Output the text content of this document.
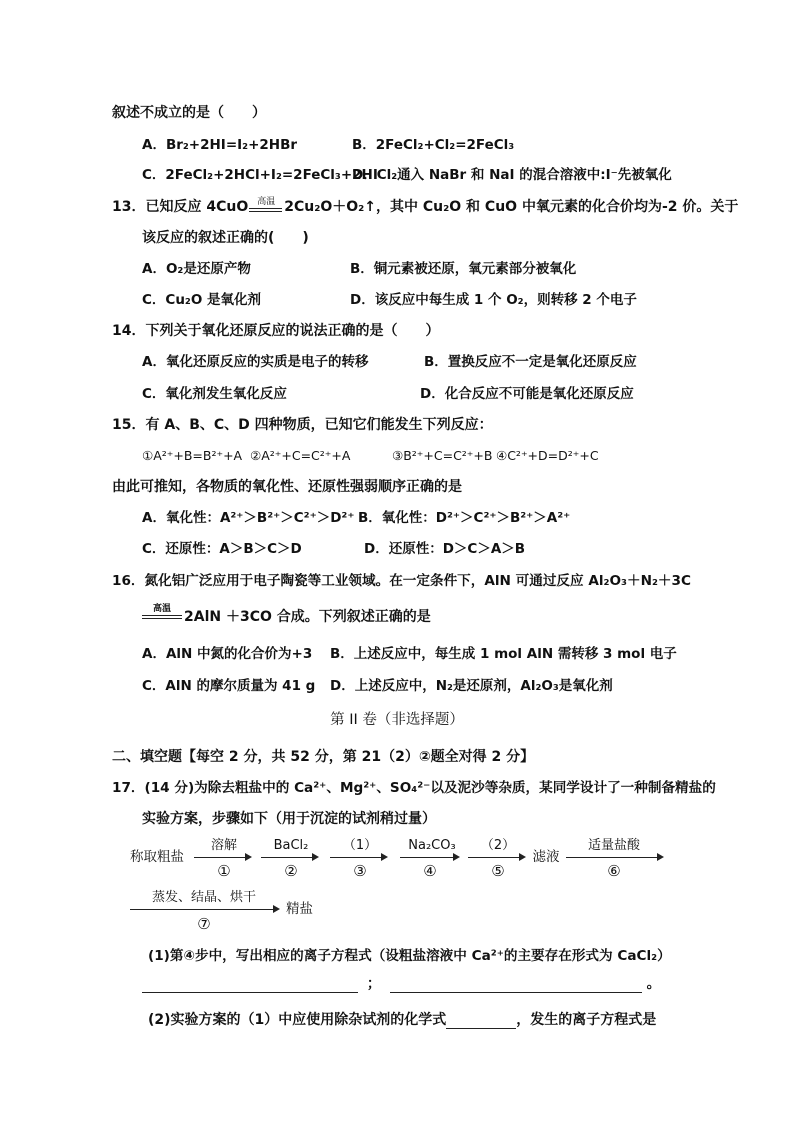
叙述不成立的是（　　）
A．Br₂+2HI=I₂+2HBr	B．2FeCl₂+Cl₂=2FeCl₃
C．2FeCl₂+2HCl+I₂=2FeCl₃+2HI
D．Cl₂通入 NaBr 和 NaI 的混合溶液中:I⁻先被氧化
13．已知反应 4CuO 高温 2Cu₂O＋O₂↑，其中 Cu₂O 和 CuO 中氧元素的化合价均为-2 价。关于
该反应的叙述正确的(　　)
A．O₂是还原产物	B．铜元素被还原，氧元素部分被氧化
C．Cu₂O 是氧化剂	D．该反应中每生成 1 个 O₂，则转移 2 个电子
14．下列关于氧化还原反应的说法正确的是（　　）
A．氧化还原反应的实质是电子的转移	B．置换反应不一定是氧化还原反应
C．氧化剂发生氧化反应	D．化合反应不可能是氧化还原反应
15．有 A、B、C、D 四种物质，已知它们能发生下列反应：
①A²⁺+B=B²⁺+A ②A²⁺+C=C²⁺+A	③B²⁺+C=C²⁺+B ④C²⁺+D=D²⁺+C
由此可推知，各物质的氧化性、还原性强弱顺序正确的是
A．氧化性：A²⁺＞B²⁺＞C²⁺＞D²⁺ B．氧化性：D²⁺＞C²⁺＞B²⁺＞A²⁺
C．还原性：A＞B＞C＞D	D．还原性：D＞C＞A＞B
16．氮化铝广泛应用于电子陶瓷等工业领域。在一定条件下，AlN 可通过反应 Al₂O₃＋N₂＋3C
高温 2AlN ＋3CO 合成。下列叙述正确的是
A．AlN 中氮的化合价为+3 B．上述反应中，每生成 1 mol AlN 需转移 3 mol 电子
C．AlN 的摩尔质量为 41 g D．上述反应中，N₂是还原剂，Al₂O₃是氧化剂
第 II 卷（非选择题）
二、填空题【每空 2 分，共 52 分，第 21（2）②题全对得 2 分】
17．(14 分)为除去粗盐中的 Ca²⁺、Mg²⁺、SO₄²⁻以及泥沙等杂质，某同学设计了一种制备精盐的
实验方案，步骤如下（用于沉淀的试剂稍过量）
称取粗盐
溶解
①
BaCl₂
②
（1）
③
Na₂CO₃
④
（2）
⑤
滤液
适量盐酸
⑥
蒸发、结晶、烘干
⑦
精盐
(1)第④步中，写出相应的离子方程式（设粗盐溶液中 Ca²⁺的主要存在形式为 CaCl₂）
；	。
(2)实验方案的（1）中应使用除杂试剂的化学式	，发生的离子方程式是
